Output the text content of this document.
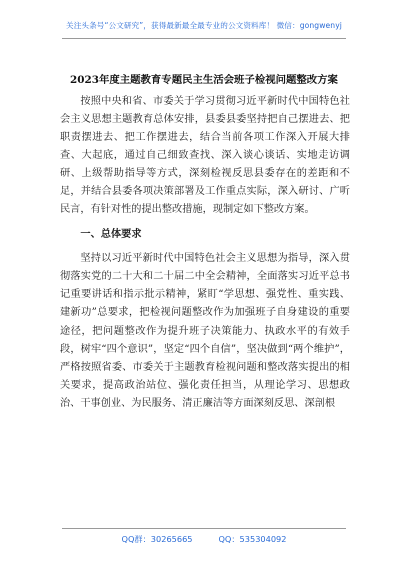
关注头条号“公文研究”，获得最新最全最专业的公文资料库！ 微信：gongwenyj
2023年度主题教育专题民主生活会班子检视问题整改方案

按照中央和省、市委关于学习贯彻习近平新时代中国特色社会主义思想主题教育总体安排，县委县委坚持把自己摆进去、把职责摆进去、把工作摆进去，结合当前各项工作深入开展大排查、大起底，通过自己细致查找、深入谈心谈话、实地走访调研、上级帮助指导等方式，深刻检视反思县委存在的差距和不足，并结合县委各项决策部署及工作重点实际，深入研讨、广听民言，有针对性的提出整改措施，现制定如下整改方案。

一、总体要求

坚持以习近平新时代中国特色社会主义思想为指导，深入贯彻落实党的二十大和二十届二中全会精神，全面落实习近平总书记重要讲话和指示批示精神，紧盯“学思想、强党性、重实践、建新功”总要求，把检视问题整改作为加强班子自身建设的重要途径，把问题整改作为提升班子决策能力、执政水平的有效手段，树牢“四个意识”，坚定“四个自信”，坚决做到“两个维护”，严格按照省委、市委关于主题教育检视问题和整改落实提出的相关要求，提高政治站位、强化责任担当，从理论学习、思想政治、干事创业、为民服务、清正廉洁等方面深刻反思、深剖根

QQ群：30265665	QQ：535304092
